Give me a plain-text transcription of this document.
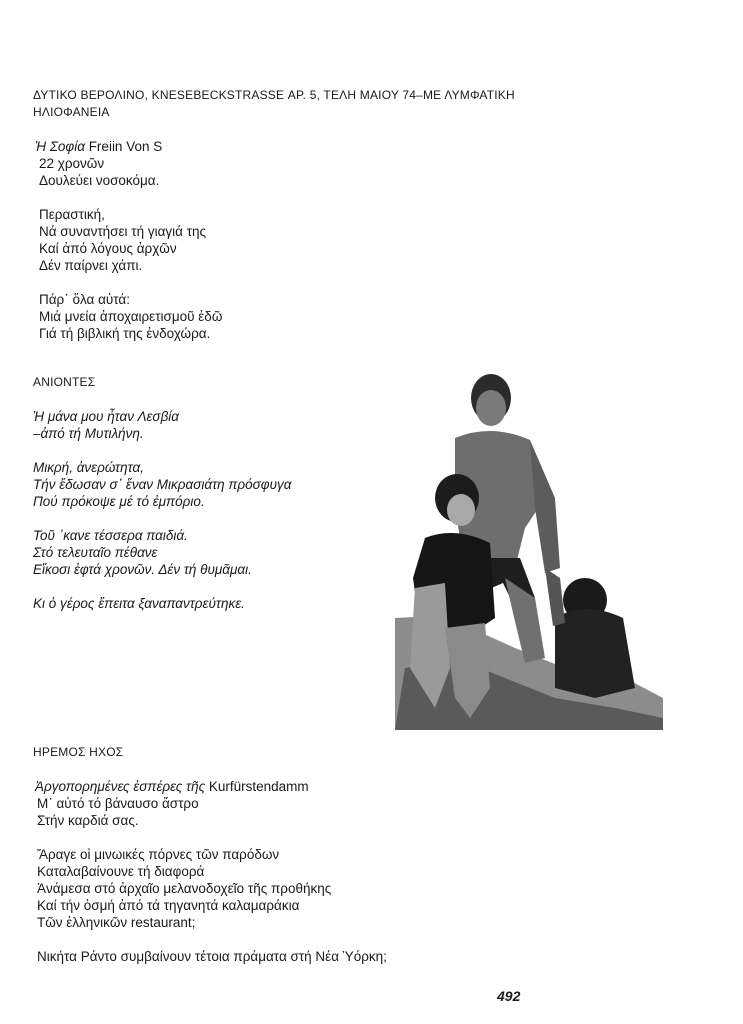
ΔΥΤΙΚΟ ΒΕΡΟΛΙΝΟ, KNESEBECKSTRASSE ΑΡ. 5, ΤΕΛΗ ΜΑΙΟΥ 74–ΜΕ ΛΥΜΦΑΤΙΚΗ
ΗΛΙΟΦΑΝΕΙΑ
Ἡ Σοφία Freiin Von S
22 χρονῶν
Δουλεύει νοσοκόμα.
Περαστική,
Νά συναντήσει τή γιαγιά της
Καί ἀπό λόγους ἀρχῶν
Δέν παίρνει χάπι.
Πάρ᾽ ὅλα αὐτά:
Μιά μνεία ἀποχαιρετισμοῦ ἐδῶ
Γιά τή βιβλική της ἐνδοχώρα.
ΑΝΙΟΝΤΕΣ
Ἡ μάνα μου ἦταν Λεσβία
–ἀπό τή Μυτιλήνη.
Μικρή, ἀνερώτητα,
Τήν ἔδωσαν σ᾽ ἕναν Μικρασιάτη πρόσφυγα
Πού πρόκοψε μέ τό ἐμπόριο.
Τοῦ ᾽κανε τέσσερα παιδιά.
Στό τελευταῖο πέθανε
Εἴκοσι ἑφτά χρονῶν. Δέν τή θυμᾶμαι.
Κι ὁ γέρος ἔπειτα ξαναπαντρεύτηκε.
ΗΡΕΜΟΣ ΗΧΟΣ
Ἀργοπορημένες ἑσπέρες τῆς Kurfürstendamm
Μ᾽ αὐτό τό βάναυσο ἄστρο
Στήν καρδιά σας.
Ἄραγε οἱ μινωικές πόρνες τῶν παρόδων
Καταλαβαίνουνε τή διαφορά
Ἀνάμεσα στό ἀρχαῖο μελανοδοχεῖο τῆς προθήκης
Καί τήν ὀσμή ἀπό τά τηγανητά καλαμαράκια
Τῶν ἑλληνικῶν restaurant;
Νικήτα Ράντο συμβαίνουν τέτοια πράματα στή Νέα Ὑόρκη;
492
